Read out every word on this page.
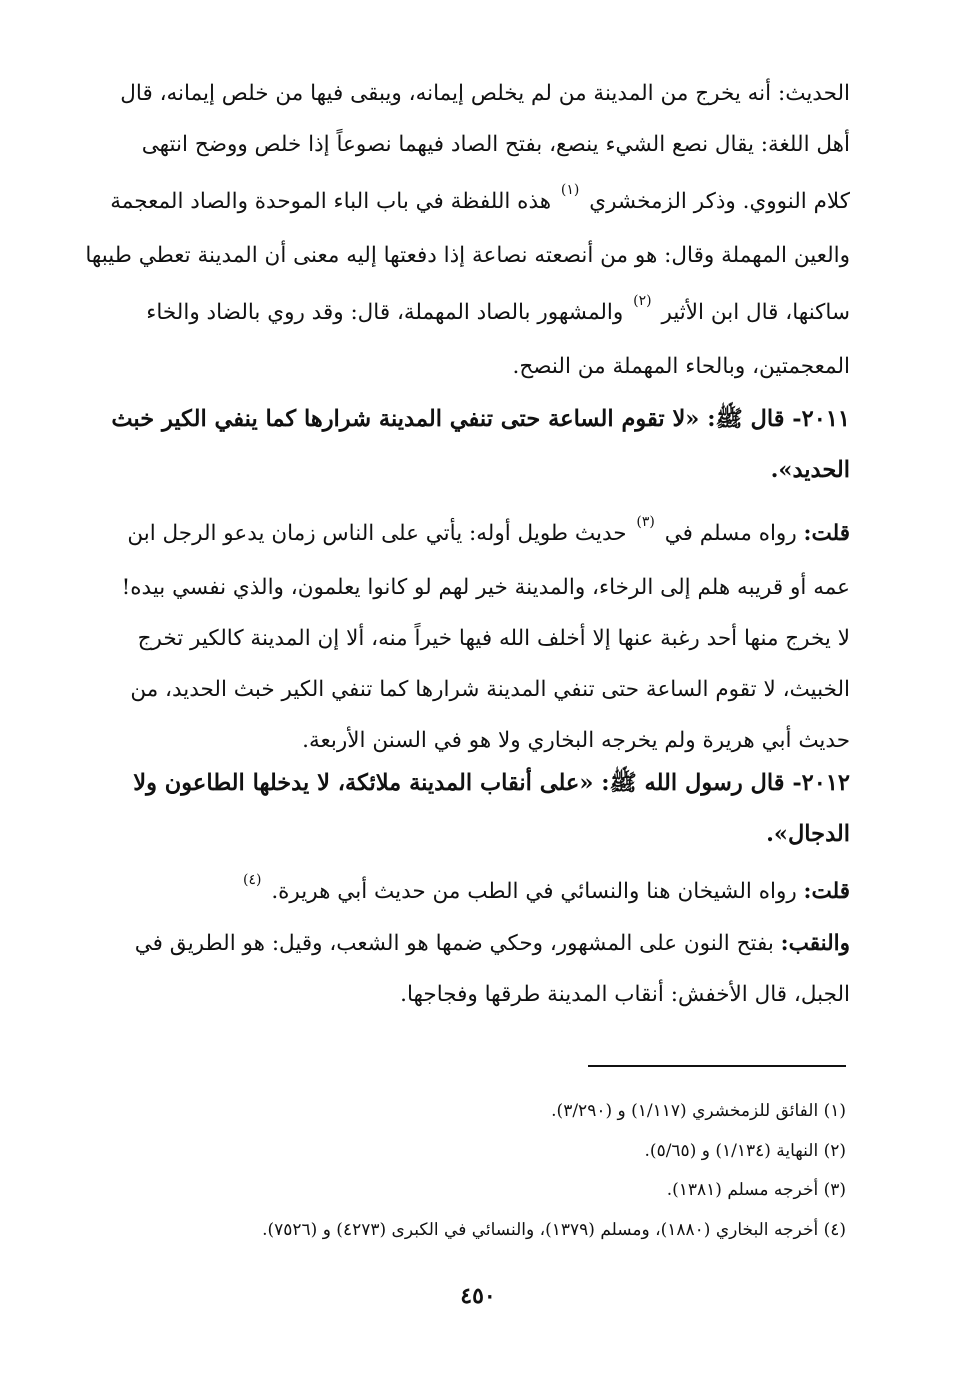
الحديث: أنه يخرج من المدينة من لم يخلص إيمانه، ويبقى فيها من خلص إيمانه، قال
أهل اللغة: يقال نصع الشيء ينصع، بفتح الصاد فيهما نصوعاً إذا خلص ووضح انتهى
كلام النووي. وذكر الزمخشري $^{(١)}$ هذه اللفظة في باب الباء الموحدة والصاد المعجمة
والعين المهملة وقال: هو من أنصعته نصاعة إذا دفعتها إليه معنى أن المدينة تعطي طيبها
ساكنها، قال ابن الأثير $^{(٢)}$ والمشهور بالصاد المهملة، قال: وقد روي بالضاد والخاء
المعجمتين، وبالحاء المهملة من النصح.
٢٠١١- قال ﷺ: «لا تقوم الساعة حتى تنفي المدينة شرارها كما ينفي الكير خبث
الحديد».
قلت: رواه مسلم في $^{(٣)}$ حديث طويل أوله: يأتي على الناس زمان يدعو الرجل ابن
عمه أو قريبه هلم إلى الرخاء، والمدينة خير لهم لو كانوا يعلمون، والذي نفسي بيده!
لا يخرج منها أحد رغبة عنها إلا أخلف الله فيها خيراً منه، ألا إن المدينة كالكير تخرج
الخبيث، لا تقوم الساعة حتى تنفي المدينة شرارها كما تنفي الكير خبث الحديد، من
حديث أبي هريرة ولم يخرجه البخاري ولا هو في السنن الأربعة.
٢٠١٢- قال رسول الله ﷺ: «على أنقاب المدينة ملائكة، لا يدخلها الطاعون ولا
الدجال».
قلت: رواه الشيخان هنا والنسائي في الطب من حديث أبي هريرة. $^{(٤)}$
والنقب: بفتح النون على المشهور، وحكي ضمها هو الشعب، وقيل: هو الطريق في
الجبل، قال الأخفش: أنقاب المدينة طرقها وفجاجها.
(١) الفائق للزمخشري (١/١١٧) و (٣/٢٩٠).
(٢) النهاية (١/١٣٤) و (٥/٦٥).
(٣) أخرجه مسلم (١٣٨١).
(٤) أخرجه البخاري (١٨٨٠)، ومسلم (١٣٧٩)، والنسائي في الكبرى (٤٢٧٣) و (٧٥٢٦).
٤٥٠
